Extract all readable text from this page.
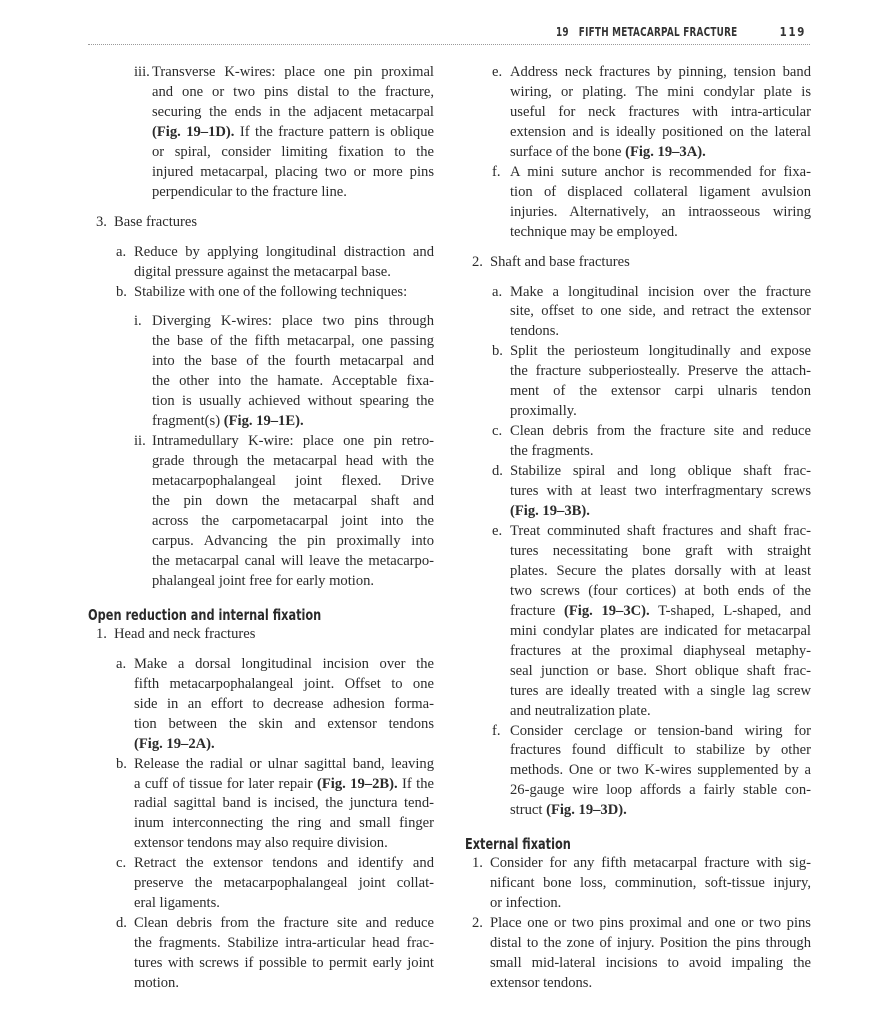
19 FIFTH METACARPAL FRACTURE	119
iii. Transverse K-wires: place one pin proximal
and one or two pins distal to the fracture,
securing the ends in the adjacent metacarpal
(Fig. 19–1D). If the fracture pattern is oblique
or spiral, consider limiting fixation to the
injured metacarpal, placing two or more pins
perpendicular to the fracture line.
3. Base fractures
a. Reduce by applying longitudinal distraction and
digital pressure against the metacarpal base.
b. Stabilize with one of the following techniques:
i. Diverging K-wires: place two pins through
the base of the fifth metacarpal, one passing
into the base of the fourth metacarpal and
the other into the hamate. Acceptable fixa-
tion is usually achieved without spearing the
fragment(s) (Fig. 19–1E).
ii. Intramedullary K-wire: place one pin retro-
grade through the metacarpal head with the
metacarpophalangeal joint flexed. Drive
the pin down the metacarpal shaft and
across the carpometacarpal joint into the
carpus. Advancing the pin proximally into
the metacarpal canal will leave the metacarpo-
phalangeal joint free for early motion.
Open reduction and internal fixation
1. Head and neck fractures
a. Make a dorsal longitudinal incision over the
fifth metacarpophalangeal joint. Offset to one
side in an effort to decrease adhesion forma-
tion between the skin and extensor tendons
(Fig. 19–2A).
b. Release the radial or ulnar sagittal band, leaving
a cuff of tissue for later repair (Fig. 19–2B). If the
radial sagittal band is incised, the juncturа tend-
inum interconnecting the ring and small finger
extensor tendons may also require division.
c. Retract the extensor tendons and identify and
preserve the metacarpophalangeal joint collat-
eral ligaments.
d. Clean debris from the fracture site and reduce
the fragments. Stabilize intra-articular head frac-
tures with screws if possible to permit early joint
motion.
e. Address neck fractures by pinning, tension band
wiring, or plating. The mini condylar plate is
useful for neck fractures with intra-articular
extension and is ideally positioned on the lateral
surface of the bone (Fig. 19–3A).
f. A mini suture anchor is recommended for fixa-
tion of displaced collateral ligament avulsion
injuries. Alternatively, an intraosseous wiring
technique may be employed.
2. Shaft and base fractures
a. Make a longitudinal incision over the fracture
site, offset to one side, and retract the extensor
tendons.
b. Split the periosteum longitudinally and expose
the fracture subperiosteally. Preserve the attach-
ment of the extensor carpi ulnaris tendon
proximally.
c. Clean debris from the fracture site and reduce
the fragments.
d. Stabilize spiral and long oblique shaft frac-
tures with at least two interfragmentary screws
(Fig. 19–3B).
e. Treat comminuted shaft fractures and shaft frac-
tures necessitating bone graft with straight
plates. Secure the plates dorsally with at least
two screws (four cortices) at both ends of the
fracture (Fig. 19–3C). T-shaped, L-shaped, and
mini condylar plates are indicated for metacarpal
fractures at the proximal diaphyseal metaphy-
seal junction or base. Short oblique shaft frac-
tures are ideally treated with a single lag screw
and neutralization plate.
f. Consider cerclage or tension-band wiring for
fractures found difficult to stabilize by other
methods. One or two K-wires supplemented by a
26-gauge wire loop affords a fairly stable con-
struct (Fig. 19–3D).
External fixation
1. Consider for any fifth metacarpal fracture with sig-
nificant bone loss, comminution, soft-tissue injury,
or infection.
2. Place one or two pins proximal and one or two pins
distal to the zone of injury. Position the pins through
small mid-lateral incisions to avoid impaling the
extensor tendons.
